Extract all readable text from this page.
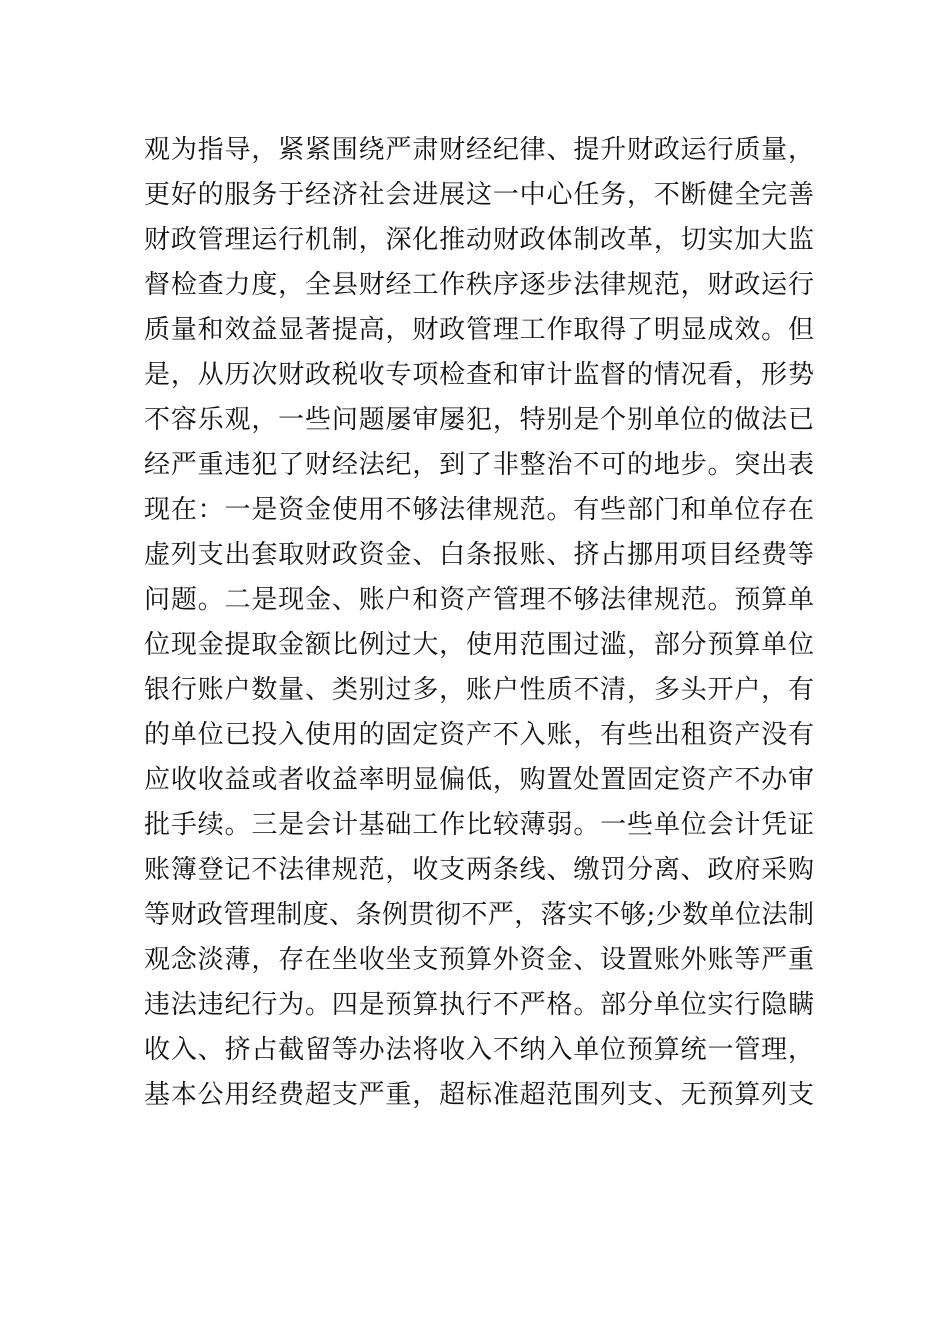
观为指导，紧紧围绕严肃财经纪律、提升财政运行质量，
更好的服务于经济社会进展这一中心任务，不断健全完善
财政管理运行机制，深化推动财政体制改革，切实加大监
督检查力度，全县财经工作秩序逐步法律规范，财政运行
质量和效益显著提高，财政管理工作取得了明显成效。但
是，从历次财政税收专项检查和审计监督的情况看，形势
不容乐观，一些问题屡审屡犯，特别是个别单位的做法已
经严重违犯了财经法纪，到了非整治不可的地步。突出表
现在：一是资金使用不够法律规范。有些部门和单位存在
虚列支出套取财政资金、白条报账、挤占挪用项目经费等
问题。二是现金、账户和资产管理不够法律规范。预算单
位现金提取金额比例过大，使用范围过滥，部分预算单位
银行账户数量、类别过多，账户性质不清，多头开户，有
的单位已投入使用的固定资产不入账，有些出租资产没有
应收收益或者收益率明显偏低，购置处置固定资产不办审
批手续。三是会计基础工作比较薄弱。一些单位会计凭证
账簿登记不法律规范，收支两条线、缴罚分离、政府采购
等财政管理制度、条例贯彻不严，落实不够;少数单位法制
观念淡薄，存在坐收坐支预算外资金、设置账外账等严重
违法违纪行为。四是预算执行不严格。部分单位实行隐瞒
收入、挤占截留等办法将收入不纳入单位预算统一管理，
基本公用经费超支严重，超标准超范围列支、无预算列支
